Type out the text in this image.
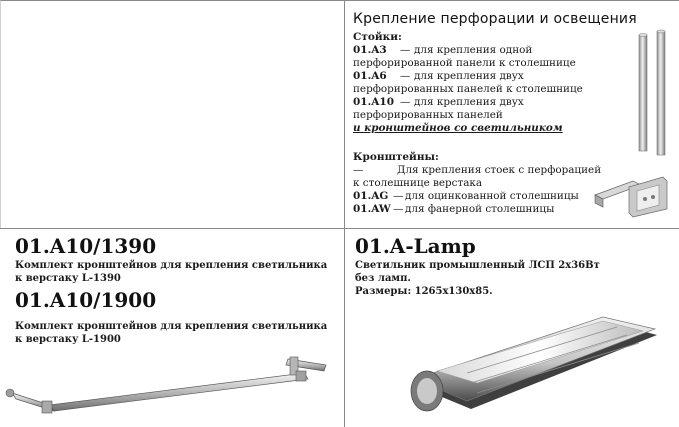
Крепление перфорации и освещения
Стойки:
01.A3 — для крепления одной
перфорированной панели к столешнице
01.A6 — для крепления двух
перфорированных панелей к столешнице
01.A10 — для крепления двух
перфорированных панелей
и кронштейнов со светильником
Кронштейны:
—	Для крепления стоек с перфорацией
к столешнице верстака
01.AG — для оцинкованной столешницы
01.AW — для фанерной столешницы
01.A10/1390
Комплект кронштейнов для крепления светильника
к верстаку L-1390
01.A10/1900
Комплект кронштейнов для крепления светильника
к верстаку L-1900
01.A-Lamp
Светильник промышленный ЛСП 2х36Вт
без ламп.
Размеры: 1265х130х85.
